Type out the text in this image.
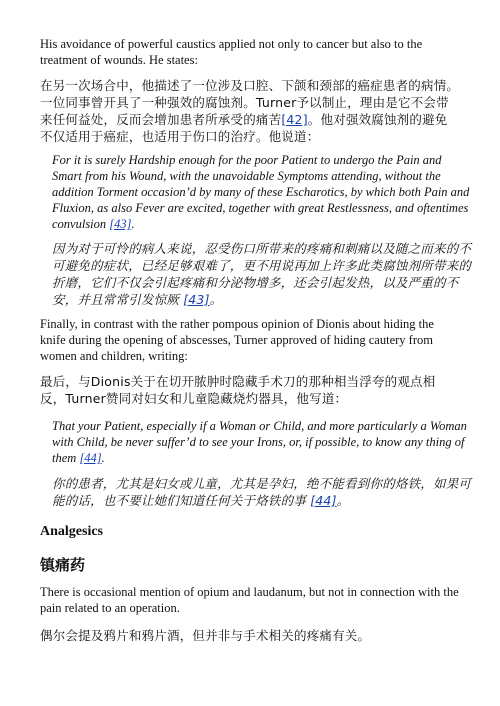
His avoidance of powerful caustics applied not only to cancer but also to the treatment of wounds. He states:

在另一次场合中，他描述了一位涉及口腔、下颌和颈部的癌症患者的病情。一位同事曾开具了一种强效的腐蚀剂。Turner予以制止，理由是它不会带来任何益处，反而会增加患者所承受的痛苦[42]。他对强效腐蚀剂的避免不仅适用于癌症，也适用于伤口的治疗。他说道：

For it is surely Hardship enough for the poor Patient to undergo the Pain and Smart from his Wound, with the unavoidable Symptoms attending, without the addition Torment occasion’d by many of these Escharotics, by which both Pain and Fluxion, as also Fever are excited, together with great Restlessness, and oftentimes convulsion [43].

因为对于可怜的病人来说，忍受伤口所带来的疼痛和刺痛以及随之而来的不可避免的症状，已经足够艰难了，更不用说再加上许多此类腐蚀剂所带来的折磨，它们不仅会引起疼痛和分泌物增多，还会引起发热，以及严重的不安，并且常常引发惊厥 [43]。

Finally, in contrast with the rather pompous opinion of Dionis about hiding the knife during the opening of abscesses, Turner approved of hiding cautery from women and children, writing:

最后，与Dionis关于在切开脓肿时隐藏手术刀的那种相当浮夸的观点相反，Turner赞同对妇女和儿童隐藏烧灼器具，他写道：

That your Patient, especially if a Woman or Child, and more particularly a Woman with Child, be never suffer’d to see your Irons, or, if possible, to know any thing of them [44].

你的患者，尤其是妇女或儿童，尤其是孕妇，绝不能看到你的烙铁，如果可能的话，也不要让她们知道任何关于烙铁的事 [44]。

Analgesics
镇痛药

There is occasional mention of opium and laudanum, but not in connection with the pain related to an operation.

偶尔会提及鸦片和鸦片酒，但并非与手术相关的疼痛有关。
